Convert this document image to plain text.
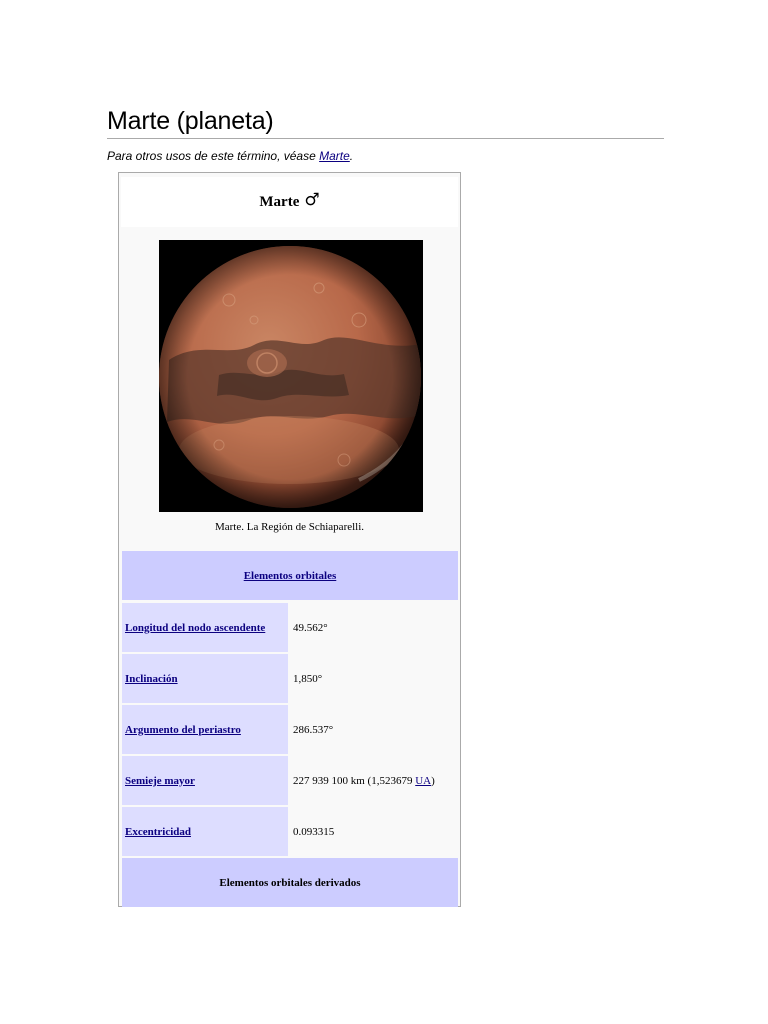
Marte (planeta)
Para otros usos de este término, véase Marte.
Marte ♂
Marte. La Región de Schiaparelli.
Elementos orbitales
Longitud del nodo ascendente	49.562°
Inclinación	1,850°
Argumento del periastro	286.537°
Semieje mayor	227 939 100 km (1,523679 UA )
Excentricidad	0.093315
Elementos orbitales derivados
